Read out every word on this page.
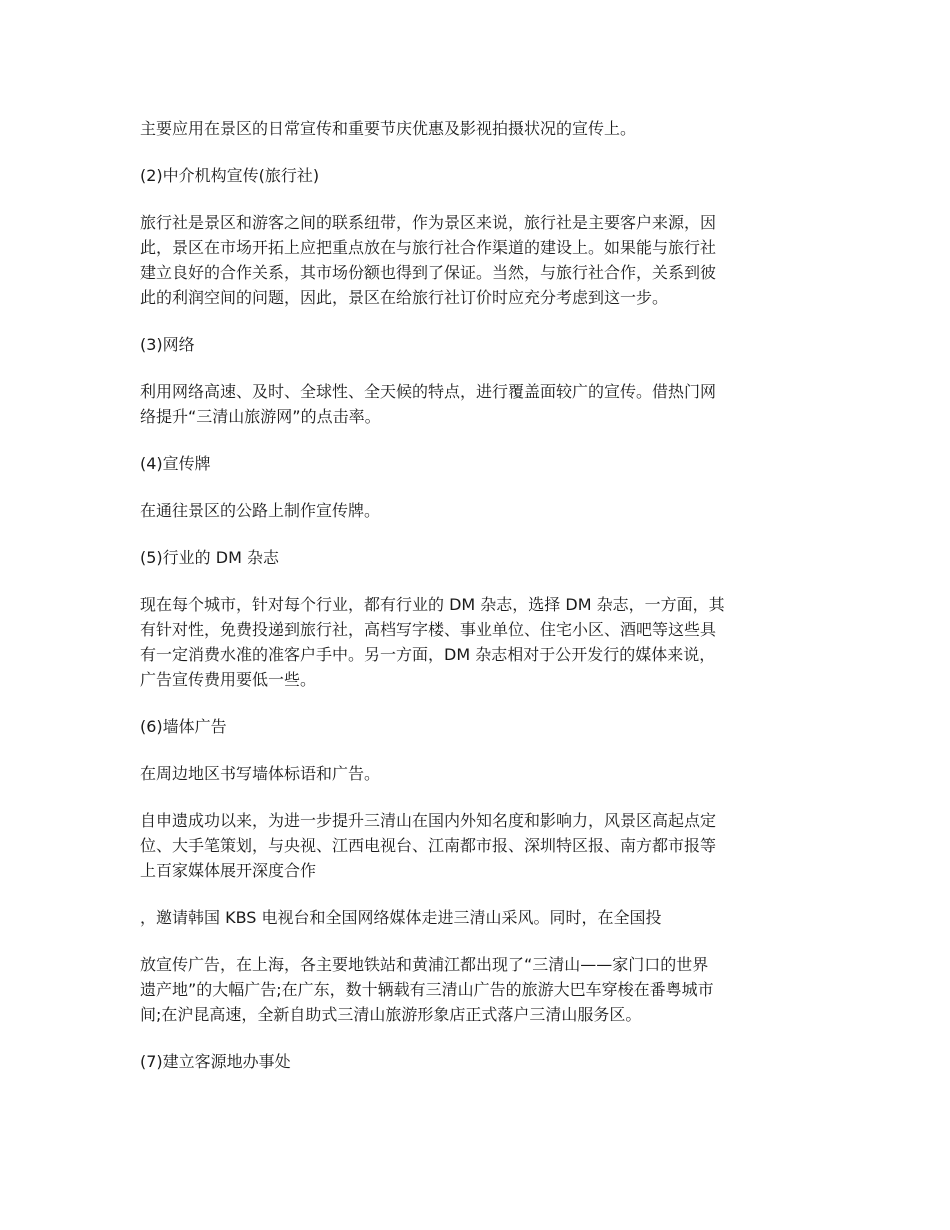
主要应用在景区的日常宣传和重要节庆优惠及影视拍摄状况的宣传上。

(2)中介机构宣传(旅行社)

旅行社是景区和游客之间的联系纽带，作为景区来说，旅行社是主要客户来源，因
此，景区在市场开拓上应把重点放在与旅行社合作渠道的建设上。如果能与旅行社
建立良好的合作关系，其市场份额也得到了保证。当然，与旅行社合作，关系到彼
此的利润空间的问题，因此，景区在给旅行社订价时应充分考虑到这一步。

(3)网络

利用网络高速、及时、全球性、全天候的特点，进行覆盖面较广的宣传。借热门网
络提升“三清山旅游网”的点击率。

(4)宣传牌

在通往景区的公路上制作宣传牌。

(5)行业的 DM 杂志

现在每个城市，针对每个行业，都有行业的 DM 杂志，选择 DM 杂志，一方面，其
有针对性，免费投递到旅行社，高档写字楼、事业单位、住宅小区、酒吧等这些具
有一定消费水准的准客户手中。另一方面，DM 杂志相对于公开发行的媒体来说，
广告宣传费用要低一些。

(6)墙体广告

在周边地区书写墙体标语和广告。

自申遗成功以来，为进一步提升三清山在国内外知名度和影响力，风景区高起点定
位、大手笔策划，与央视、江西电视台、江南都市报、深圳特区报、南方都市报等
上百家媒体展开深度合作

，邀请韩国 KBS 电视台和全国网络媒体走进三清山采风。同时，在全国投

放宣传广告，在上海，各主要地铁站和黄浦江都出现了“三清山——家门口的世界
遗产地”的大幅广告;在广东，数十辆载有三清山广告的旅游大巴车穿梭在番粤城市
间;在沪昆高速，全新自助式三清山旅游形象店正式落户三清山服务区。

(7)建立客源地办事处
